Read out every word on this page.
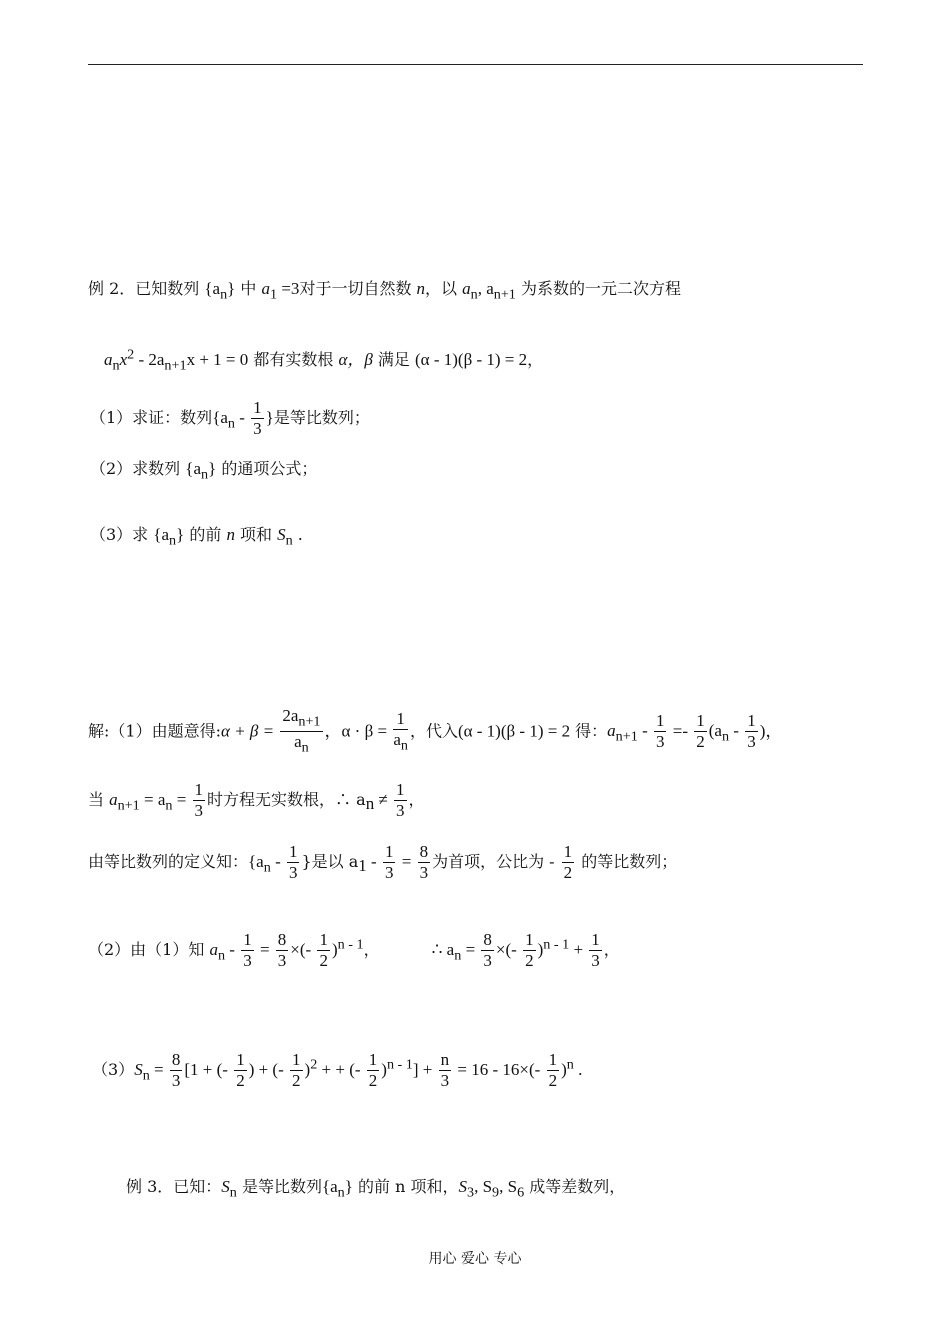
例 2．已知数列 $\{a_n\}$ 中 $a_1 =3$对于一切自然数 n，以 $a_n$, $a_{n+1}$ 为系数的一元二次方程
$a_nx^2 - 2a_{n+1}x + 1 = 0$ 都有实数根 α，β 满足 (α - 1)(β - 1) = 2，
（1）求证：数列{$a_n - \frac{1}{3}$ }是等比数列；
（2）求数列 $\{a_n\}$ 的通项公式；
（3）求 $\{a_n\}$ 的前 n 项和 $S_n$ .
解:（1）由题意得:α + $\beta = \frac{2a_{n+1}}{a_n}$ ，$\alpha \cdot \beta = \frac{1}{a_n}$ ，代入(α - 1)(β - 1) = 2 得：$a_{n+1} - \frac{1}{3} =- \frac{1}{2} (a_n - \frac{1}{3}$ )，
当 $a_{n+1} = a_n = \frac{1}{3}$ 时方程无实数根，∴ $a_n \ne \frac{1}{3}$ ，
由等比数列的定义知：{$a_n - \frac{1}{3}$ }是以 $a_1 - \frac{1}{3} = \frac{8}{3}$ 为首项，公比为 - $\frac{1}{2}$ 的等比数列；
（2）由（1）知 $a_n - \frac{1}{3} = \frac{8}{3}$ ×(- $\frac{1}{2} )^{n - 1}$，	∴ $a_n = \frac{8}{3}$ ×(- $\frac{1}{2} )^{n - 1} + \frac{1}{3}$ ，
$(3)S_n = \frac{8}{3} [1$ + (- $\frac{1}{2}$ ) + (- $\frac{1}{2} )^2$ + + (- $\frac{1}{2} )^{n - 1}] + \frac{n}{3} = 16 - 16\times(- \frac{1}{2} )^n$ .
例 3．已知：$S_n$ 是等比数列$\{a_n\}$ 的前 n 项和，$S_3$, $S_9$, $S_6$ 成等差数列，
用心 爱心 专心
